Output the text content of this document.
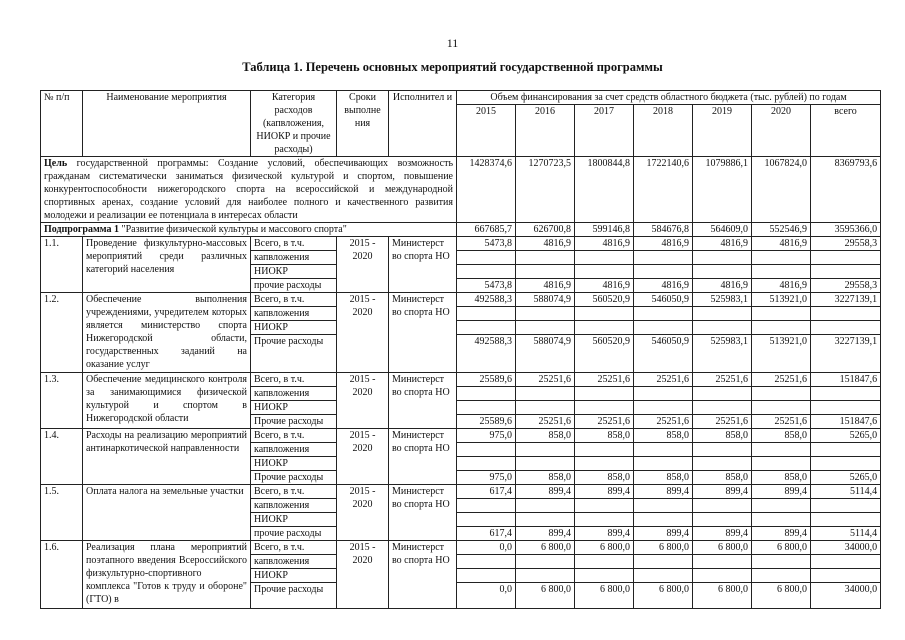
11
Таблица 1. Перечень основных мероприятий государственной программы
№ п/п	Наименование мероприятия	Категория расходов (капвложения, НИОКР и прочие расходы)	Сроки выполне ния	Исполнител и	Объем финансирования за счет средств областного бюджета (тыс. рублей) по годам						
					2015	2016	2017	2018	2019	2020	всего
Цель государственной программы: Создание условий, обеспечивающих возможность гражданам систематически заниматься физической культурой и спортом, повышение конкурентоспособности нижегородского спорта на всероссийской и международной спортивных аренах, создание условий для наиболее полного и качественного развития молодежи и реализации ее потенциала в интересах области					1428374,6	1270723,5	1800844,8	1722140,6	1079886,1	1067824,0	8369793,6
Подпрограмма 1 "Развитие физической культуры и массового спорта"					667685,7	626700,8	599146,8	584676,8	564609,0	552546,9	3595366,0
1.1.	Проведение физкультурно-массовых мероприятий среди различных категорий населения	Всего, в т.ч.	2015 - 2020	Министерст во спорта НО	5473,8	4816,9	4816,9	4816,9	4816,9	4816,9	29558,3
		капвложения									
		НИОКР									
		прочие расходы			5473,8	4816,9	4816,9	4816,9	4816,9	4816,9	29558,3
1.2.	Обеспечение выполнения учреждениями, учредителем которых является министерство спорта Нижегородской области, государственных заданий на оказание услуг	Всего, в т.ч.	2015 - 2020	Министерст во спорта НО	492588,3	588074,9	560520,9	546050,9	525983,1	513921,0	3227139,1
		капвложения									
		НИОКР									
		Прочие расходы			492588,3	588074,9	560520,9	546050,9	525983,1	513921,0	3227139,1
1.3.	Обеспечение медицинского контроля за занимающимися физической культурой и спортом в Нижегородской области	Всего, в т.ч.	2015 - 2020	Министерст во спорта НО	25589,6	25251,6	25251,6	25251,6	25251,6	25251,6	151847,6
		капвложения									
		НИОКР									
		Прочие расходы			25589,6	25251,6	25251,6	25251,6	25251,6	25251,6	151847,6
1.4.	Расходы на реализацию мероприятий антинаркотической направленности	Всего, в т.ч.	2015 - 2020	Министерст во спорта НО	975,0	858,0	858,0	858,0	858,0	858,0	5265,0
		капвложения									
		НИОКР									
		Прочие расходы			975,0	858,0	858,0	858,0	858,0	858,0	5265,0
1.5.	Оплата налога на земельные участки	Всего, в т.ч.	2015 - 2020	Министерст во спорта НО	617,4	899,4	899,4	899,4	899,4	899,4	5114,4
		капвложения									
		НИОКР									
		прочие расходы			617,4	899,4	899,4	899,4	899,4	899,4	5114,4
1.6.	Реализация плана мероприятий поэтапного введения Всероссийского физкультурно-спортивного комплекса "Готов к труду и обороне" (ГТО) в	Всего, в т.ч.	2015 - 2020	Министерст во спорта НО	0,0	6 800,0	6 800,0	6 800,0	6 800,0	6 800,0	34000,0
		капвложения									
		НИОКР									
		Прочие расходы			0,0	6 800,0	6 800,0	6 800,0	6 800,0	6 800,0	34000,0
